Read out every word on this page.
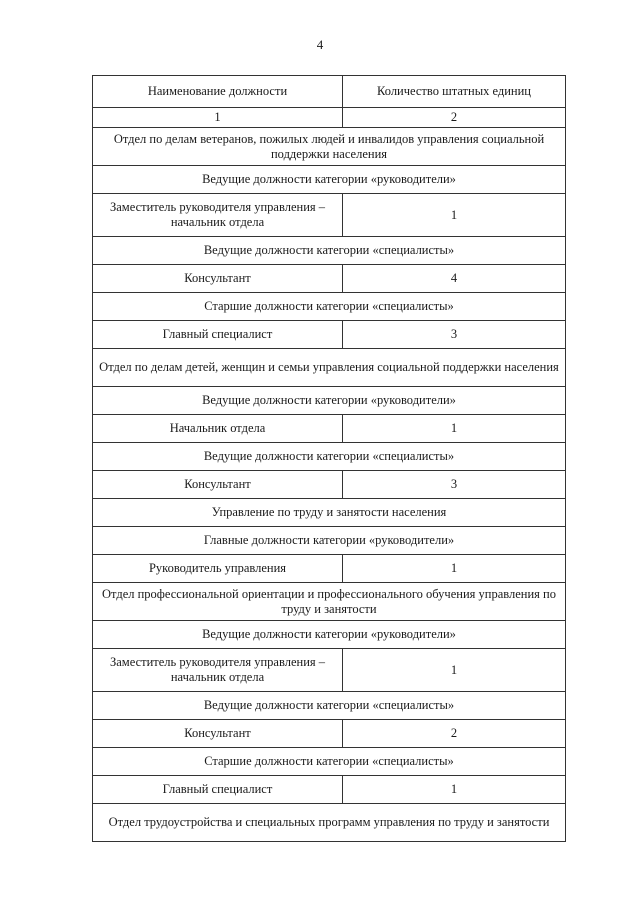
4
Наименование должности	Количество штатных единиц
1	2
Отдел по делам ветеранов, пожилых людей и инвалидов управления социальной поддержки населения	
Ведущие должности категории «руководители»	
Заместитель руководителя управления – начальник отдела	1
Ведущие должности категории «специалисты»	
Консультант	4
Старшие должности категории «специалисты»	
Главный специалист	3
Отдел по делам детей, женщин и семьи управления социальной поддержки населения	
Ведущие должности категории «руководители»	
Начальник отдела	1
Ведущие должности категории «специалисты»	
Консультант	3
Управление по труду и занятости населения	
Главные должности категории «руководители»	
Руководитель управления	1
Отдел профессиональной ориентации и профессионального обучения управления по труду и занятости	
Ведущие должности категории «руководители»	
Заместитель руководителя управления – начальник отдела	1
Ведущие должности категории «специалисты»	
Консультант	2
Старшие должности категории «специалисты»	
Главный специалист	1
Отдел трудоустройства и специальных программ управления по труду и занятости	
